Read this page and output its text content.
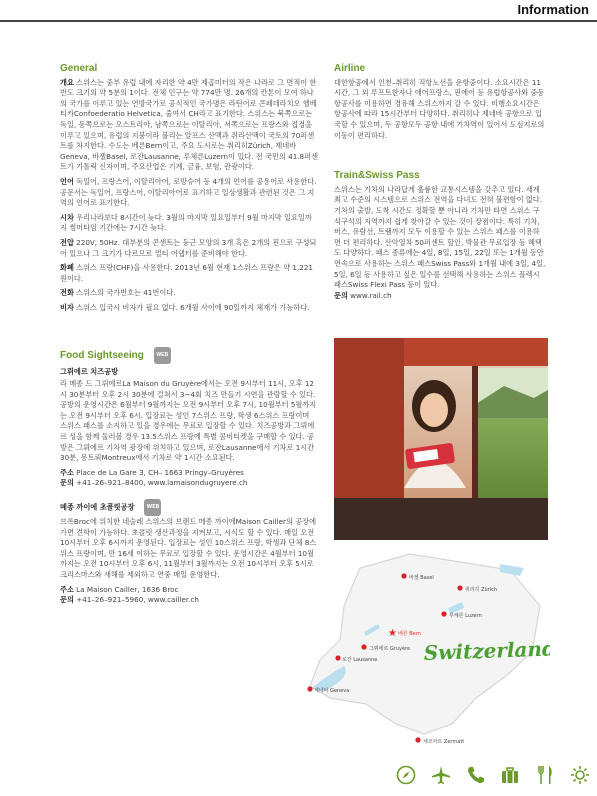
Information
General

개요 스위스는 중부 유럽 내에 자리한 약 4만 제곱미터의 작은 나라로 그 면적이 한반도 크기의 약 5분의 1이다. 전체 인구는 약 774만 명. 26개의 칸톤이 모여 하나의 국가를 이루고 있는 연방국가로 공식적인 국가명은 라틴어로 콘페데라치오 헬베티카Confoederatio Helvetica, 줄여서 CH라고 표기한다. 스위스는 북쪽으로는 독일, 동쪽으로는 오스트리아, 남쪽으로는 이탈리아, 서쪽으로는 프랑스와 접경을 이루고 있으며, 유럽의 지붕이라 불리는 알프스 산맥과 쥐라산맥이 국토의 70퍼센트를 차지한다. 수도는 베른Bern이고, 주요 도시로는 취리히Zürich, 제네바Geneva, 바젤Basel, 로잔Lausanne, 루체른Luzern이 있다. 전 국민의 41.8퍼센트가 기톨릭 신자이며, 주요산업은 기계, 금융, 보험, 관광이다.

언어 독일어, 프랑스어, 이탈리아어, 로망슈어 등 4개의 언어를 공용어로 사용한다. 공문서는 독일어, 프랑스어, 이탈리아어로 표기하고 일상생활과 관련된 것은 그 지역의 언어로 표기한다.

시차 우리나라보다 8시간이 늦다. 3월의 마지막 일요일부터 9월 마지막 일요일까지 썸머타임 기간에는 7시간 늦다.

전압 220V, 50Hz. 대부분의 콘센트는 둥근 모양의 3개 혹은 2개의 핀으로 구성되어 있으나 그 크기가 다르므로 멀티 어댑터를 준비해야 한다.

화폐 스위스 프랑(CHF)을 사용한다. 2013년 6월 현재 1스위스 프랑은 약 1,221원이다.

전화 스위스의 국가번호는 41번이다.

비자 스위스 입국시 비자가 필요 없다. 6개월 사이에 90일까지 체재가 가능하다.

Food Sightseeing	WEB
그뤼에르 치즈공방

라 메종 드 그뤼에르La Maison du Gruyère에서는 오전 9시부터 11시, 오후 12시 30분부터 오후 2시 30분에 걸쳐서 3~4회 치즈 만들기 시연을 관람할 수 있다. 공방의 운영시간은 6월부터 9월까지는 오전 9시부터 오후 7시, 10월부터 5월까지는 오전 9시부터 오후 6시. 입장료는 성인 7스위스 프랑, 학생 6스위스 프랑이며 스위스 패스를 소지하고 있을 경우에는 무료로 입장할 수 있다. 치즈공방과 그뤼에르 성을 함께 둘러볼 경우 13.5스위스 프랑에 특별 콤비티켓을 구매할 수 있다. 공방은 그뤼에르 기차역 광장에 위치하고 있으며, 로잔Lausanne에서 기차로 1시간 30분, 몽트뢰Montreux에서 기차로 약 1시간 소요된다.

주소 Place de La Gare 3, CH– 1663 Pringy–Gruyères
문의 +41–26–921–8400, www.lamaisondugruyere.ch
메종 까이에 초콜릿공장 WEB

브록Broc에 위치한 네슬레 스위스의 브랜드 메종 까이에Maison Cailler의 공장에 가면 견학이 가능하다. 초콜릿 생산과정을 지켜보고, 시식도 할 수 있다. 매일 오전 10시부터 오후 6시까지 운영된다. 입장료는 성인 10스위스 프랑, 학생과 단체 8스위스 프랑이며, 만 16세 이하는 무료로 입장할 수 있다. 운영시간은 4월부터 10월까지는 오전 10시부터 오후 6시, 11월부터 3월까지는 오전 10시부터 오후 5시로 크리스마스와 새해를 제외하고 연중 매일 운영한다.

주소 La Maison Cailler, 1636 Broc
문의 +41–26–921–5960, www.cailler.ch
Airline

대한항공에서 인천–취리히 직항노선을 운항중이다. 소요시간은 11시간, 그 외 루프트한자나 에어프랑스, 핀에어 등 유럽항공사와 중동항공사를 이용하면 경유해 스위스까지 갈 수 있다. 비행소요시간은 항공사에 따라 15시간부터 다양하다. 취리히나 제네바 공항으로 입국할 수 있으며, 두 공항모두 공항 내에 기차역이 있어서 도심지로의 이동이 편리하다.

Train&Swiss Pass

스위스는 기차의 나라답게 훌륭한 교통시스템을 갖추고 있다. 세계 최고 수준의 시스템으로 스위스 전역을 다녀도 전혀 불편함이 없다. 기차의 출발, 도착 시간도 정확할 뿐 아니라 기차만 타면 스위스 구석구석의 지역까지 쉽게 찾아갈 수 있는 것이 장점이다. 특히 기차, 버스, 유람선, 트램까지 모두 이용할 수 있는 스위스 패스를 이용하면 더 편리하다. 산악열차 50퍼센트 할인, 박물관 무료입장 등 혜택도 다양하다. 패스 종류에는 4일, 8일, 15일, 22일 또는 1개월 동안 연속으로 사용하는 스위스 패스Swiss Pass와 1개월 내에 3일, 4일, 5일, 6일 등 사용하고 싶은 일수를 선택해 사용하는 스위스 플렉시 패스Swiss Flexi Pass 등이 있다.

문의 www.rail.ch
바젤 Basel
취리히 Zürich
루체른 Luzern
★ 베른 Bern
그뤼에르 Gruyère
로잔 Lausanne
제네바 Geneva
체르마트 Zermatt
Switzerland
